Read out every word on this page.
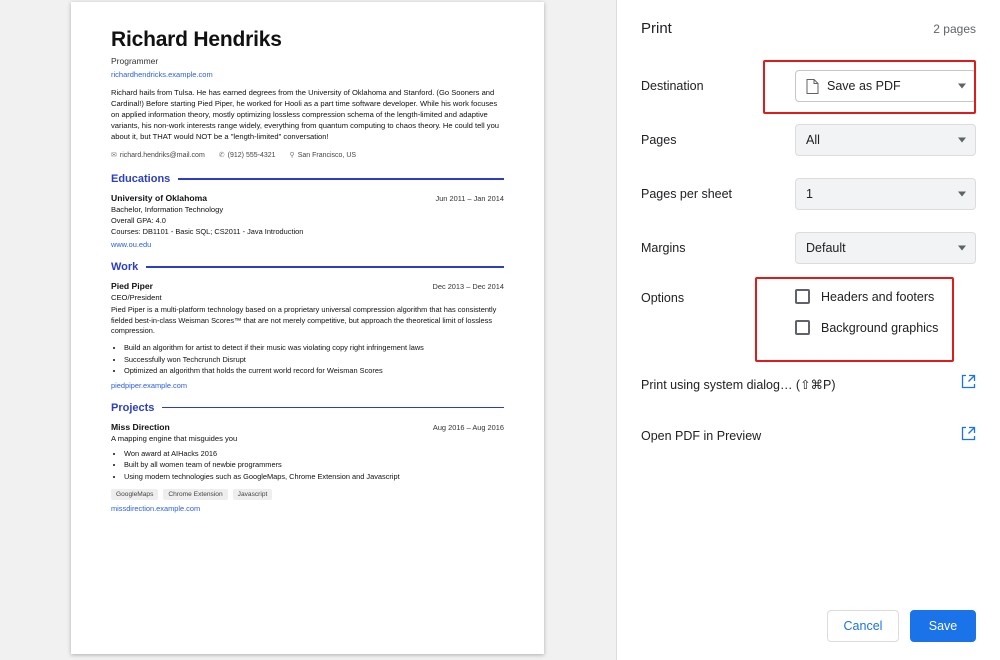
Richard Hendriks
Programmer
richardhendricks.example.com
Richard hails from Tulsa. He has earned degrees from the University of Oklahoma and Stanford. (Go Sooners and Cardinal!) Before starting Pied Piper, he worked for Hooli as a part time software developer. While his work focuses on applied information theory, mostly optimizing lossless compression schema of the length-limited and adaptive variants, his non-work interests range widely, everything from quantum computing to chaos theory. He could tell you about it, but THAT would NOT be a "length-limited" conversation!
✉ richard.hendriks@mail.com ✆ (912) 555-4321 ⚲ San Francisco, US
Educations
University of Oklahoma	Jun 2011 – Jan 2014
Bachelor, Information Technology
Overall GPA: 4.0
Courses: DB1101 - Basic SQL; CS2011 - Java Introduction
www.ou.edu
Work
Pied Piper	Dec 2013 – Dec 2014
CEO/President
Pied Piper is a multi-platform technology based on a proprietary universal compression algorithm that has consistently fielded best-in-class Weisman Scores™ that are not merely competitive, but approach the theoretical limit of lossless compression.
• Build an algorithm for artist to detect if their music was violating copy right infringement laws
• Successfully won Techcrunch Disrupt
• Optimized an algorithm that holds the current world record for Weisman Scores
piedpiper.example.com
Projects
Miss Direction	Aug 2016 – Aug 2016
A mapping engine that misguides you
• Won award at AIHacks 2016
• Built by all women team of newbie programmers
• Using modern technologies such as GoogleMaps, Chrome Extension and Javascript
GoogleMaps	Chrome Extension	Javascript
missdirection.example.com
Print	2 pages
Destination	Save as PDF
Pages	All
Pages per sheet	1
Margins	Default
Options	Headers and footers
Background graphics
Print using system dialog… (⇧⌘P)
Open PDF in Preview
Cancel	Save
